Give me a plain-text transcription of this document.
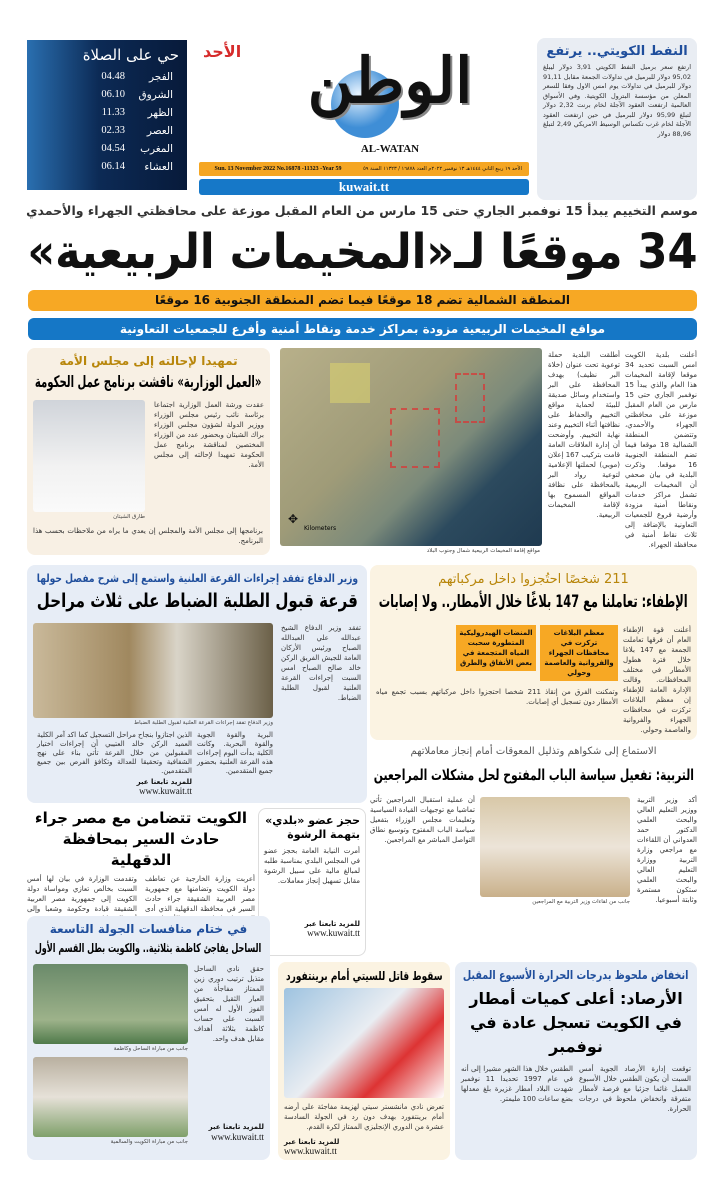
النفط الكويتي.. يرتفع
ارتفع سعر برميل النفط الكويتي 3,91 دولار ليبلغ 95,02 دولار للبرميل في تداولات الجمعة مقابل 91,11 دولار للبرميل في تداولات يوم امس الاول وفقا للسعر المعلن من مؤسسة البترول الكويتية. وفي الأسواق العالمية ارتفعت العقود الآجلة لخام برنت 2,32 دولار لتبلغ 95,99 دولار للبرميل في حين ارتفعت العقود الآجلة لخام غرب تكساس الوسيط الامريكي 2,49 لتبلغ 88,96 دولار
الأحد	الوطن
AL-WATAN
الأحد ١٩ ربيع الثاني ١٤٤٤هـ ١٣ نوفمبر ٢٠٢٢م العدد ١٦٨٧٨ / ١١٣٢٣ السنة ٥٩
Sun. 13 November 2022 No.16878 -11323 -Year 59
kuwait.tt
حي على الصلاة
الفجر
04.48
الشروق
06.10
الظهر
11.33
العصر
02.33
المغرب
04.54
العشاء
06.14
موسم التخييم يبدأ 15 نوفمبر الجاري حتى 15 مارس من العام المقبل موزعة على محافظتي الجهراء والأحمدي
34 موقعًا لـ«المخيمات الربيعية»
المنطقة الشمالية تضم 18 موقعًا فيما تضم المنطقة الجنوبية 16 موقعًا
مواقع المخيمات الربيعية مزودة بمراكز خدمة ونقاط أمنية وأفرع للجمعيات التعاونية
أعلنت بلدية الكويت امس السبت تحديد 34 موقعا لإقامة المخيمات هذا العام والذي يبدأ 15 نوفمبر الجاري حتى 15 مارس من العام المقبل موزعة على محافظتي الجهراء والأحمدي، وتتضمن المنطقة الشمالية 18 موقعا فيما تضم المنطقة الجنوبية 16 موقعا. وذكرت البلدية في بيان صحفي أن المخيمات الربيعية تشمل مراكز خدمات ونقاطا أمنية مزودة وأرضية فروع للجمعيات التعاونية بالإضافة إلى ثلاث نقاط أمنية في محافظة الجهراء.
أطلقت البلدية حملة توعوية تحت عنوان (خلاة البر نظيف) بهدف المحافظة على البر واستخدام وسائل صديقة للبيئة لحماية مواقع التخييم والحفاظ على نظافتها أثناء التخييم وعند نهاية التخييم. وأوضحت أن إدارة العلاقات العامة قامت بتركيب 167 إعلان (موبي) لحملتها الإعلامية لتوعية رواد البر بالمحافظة على نظافة المواقع المسموح بها لإقامة المخيمات الربيعية.
Kilometers
✥
مواقع إقامة المخيمات الربيعية شمال وجنوب البلاد
تمهيدا لإحالته إلى مجلس الأمة
«العمل الوزارية» ناقشت برنامج عمل الحكومة
طارق الشيتان
عقدت ورشة العمل الوزارية اجتماعا برئاسة نائب رئيس مجلس الوزراء ووزير الدولة لشؤون مجلس الوزراء براك الشيتان وبحضور عدد من الوزراء المختصين لمناقشة برنامج عمل الحكومة تمهيدا لإحالته إلى مجلس الأمة.
برنامجها إلى مجلس الأمة والمجلس إن يعدي ما يراه من ملاحظات بحسب هذا البرنامج.
وزير الدفاع تفقد إجراءات القرعة العلنية واستمع إلى شرح مفصل حولها
قرعة قبول الطلبة الضباط على ثلاث مراحل
تفقد وزير الدفاع الشيخ عبدالله علي العبدالله الصباح ورئيس الأركان العامة للجيش الفريق الركن خالد صالح الصباح امس السبت إجراءات القرعة العلنية لقبول الطلبة الضباط.
وزير الدفاع تفقد إجراءات القرعة العلنية لقبول الطلبة الضباط
البرية والقوة الجوية والقوة البحرية. وكانت الكلية بدأت اليوم إجراءات هذه القرعة العلنية بحضور جميع المتقدمين.
الذين اجتازوا بنجاح مراحل التسجيل كما اكد آمر الكلية العميد الركن خالد العتيبي أن إجراءات اختيار المقبولين من خلال القرعة تأتي بناء على نهج الشفافية وتحقيقا للعدالة وتكافؤ الفرص بين جميع المتقدمين.
للمزيد تابعنا عبر
www.kuwait.tt
211 شخصًا احتُجزوا داخل مركباتهم
الإطفاء: تعاملنا مع 147 بلاغًا خلال الأمطار.. ولا إصابات
أعلنت قوة الإطفاء العام أن فرقها تعاملت الجمعة مع 147 بلاغا خلال فترة هطول الأمطار في مختلف المحافظات. وقالت الإدارة العامة للإطفاء إن معظم البلاغات تركزت في محافظات الجهراء والفروانية والعاصمة وحولي.
معظم البلاغات تركزت في محافظات الجهراء والفروانية والعاصمة وحولي
المنضات الهيدروليكية المتطورة سحبت المياه المتجمعة في بعض الأنفاق والطرق
وتمكنت الفرق من إنقاذ 211 شخصا احتجزوا داخل مركباتهم بسبب تجمع مياه الأمطار دون تسجيل أي إصابات.
الاستماع إلى شكواهم وتذليل المعوقات أمام إنجاز معاملاتهم
التربية: تفعيل سياسة الباب المفتوح لحل مشكلات المراجعين
أكد وزير التربية ووزير التعليم العالي والبحث العلمي الدكتور حمد العدواني أن اللقاءات مع مراجعي وزارة التربية ووزارة التعليم العالي والبحث العلمي ستكون مستمرة وثابتة أسبوعيا.
جانب من لقاءات وزير التربية مع المراجعين
أن عملية استقبال المراجعين تأتي تماشيا مع توجيهات القيادة السياسية وتعليمات مجلس الوزراء بتفعيل سياسة الباب المفتوح وتوسيع نطاق التواصل المباشر مع المراجعين.
الكويت تتضامن مع مصر جراء حادث السير بمحافظة الدقهلية
أعربت وزارة الخارجية عن تعاطف دولة الكويت وتضامنها مع جمهورية مصر العربية الشقيقة جراء حادث السير في محافظة الدقهلية الذي أدى
وتقدمت الوزارة في بيان لها أمس السبت بخالص تعازي ومواساة دولة الكويت إلى جمهورية مصر العربية الشقيقة قيادة وحكومة وشعبا وإلى
حجز عضو «بلدي» بتهمة الرشوة
أمرت النيابة العامة بحجز عضو في المجلس البلدي بمناسبة طلبه لمبالغ مالية على سبيل الرشوة مقابل تسهيل إنجاز معاملات.
للمزيد تابعنا عبر
www.kuwait.tt
في ختام منافسات الجولة التاسعة
الساحل يفاجئ كاظمة بثلاثية.. والكويت بطل القسم الأول
جانب من مباراة الساحل وكاظمة
جانب من مباراة الكويت والسالمية
حقق نادي الساحل متذيل ترتيب دوري زين الممتاز مفاجأة من العيار الثقيل بتحقيق الفوز الأول له أمس السبت على حساب كاظمة بثلاثة أهداف مقابل هدف واحد.
للمزيد تابعنا عبر
www.kuwait.tt
سقوط قاتل للسيتي أمام برينتفورد
تعرض نادي مانشستر سيتي لهزيمة مفاجئة على أرضه أمام برينتفورد بهدف دون رد في الجولة السادسة عشرة من الدوري الإنجليزي الممتاز لكرة القدم.
للمزيد تابعنا عبر
www.kuwait.tt
انخفاض ملحوظ بدرجات الحرارة الأسبوع المقبل
الأرصاد: أعلى كميات أمطار في الكويت تسجل عادة في نوفمبر
توقعت إدارة الأرصاد الجوية أمس السبت أن يكون الطقس خلال الأسبوع المقبل غائما جزئيا مع فرصة لأمطار متفرقة وانخفاض ملحوظ في درجات الحرارة.
الطقس خلال هذا الشهر مشيرا إلى أنه في عام 1997 تحديدا 11 نوفمبر شهدت البلاد أمطار غزيرة بلغ معدلها بضع ساعات 100 مليمتر.
